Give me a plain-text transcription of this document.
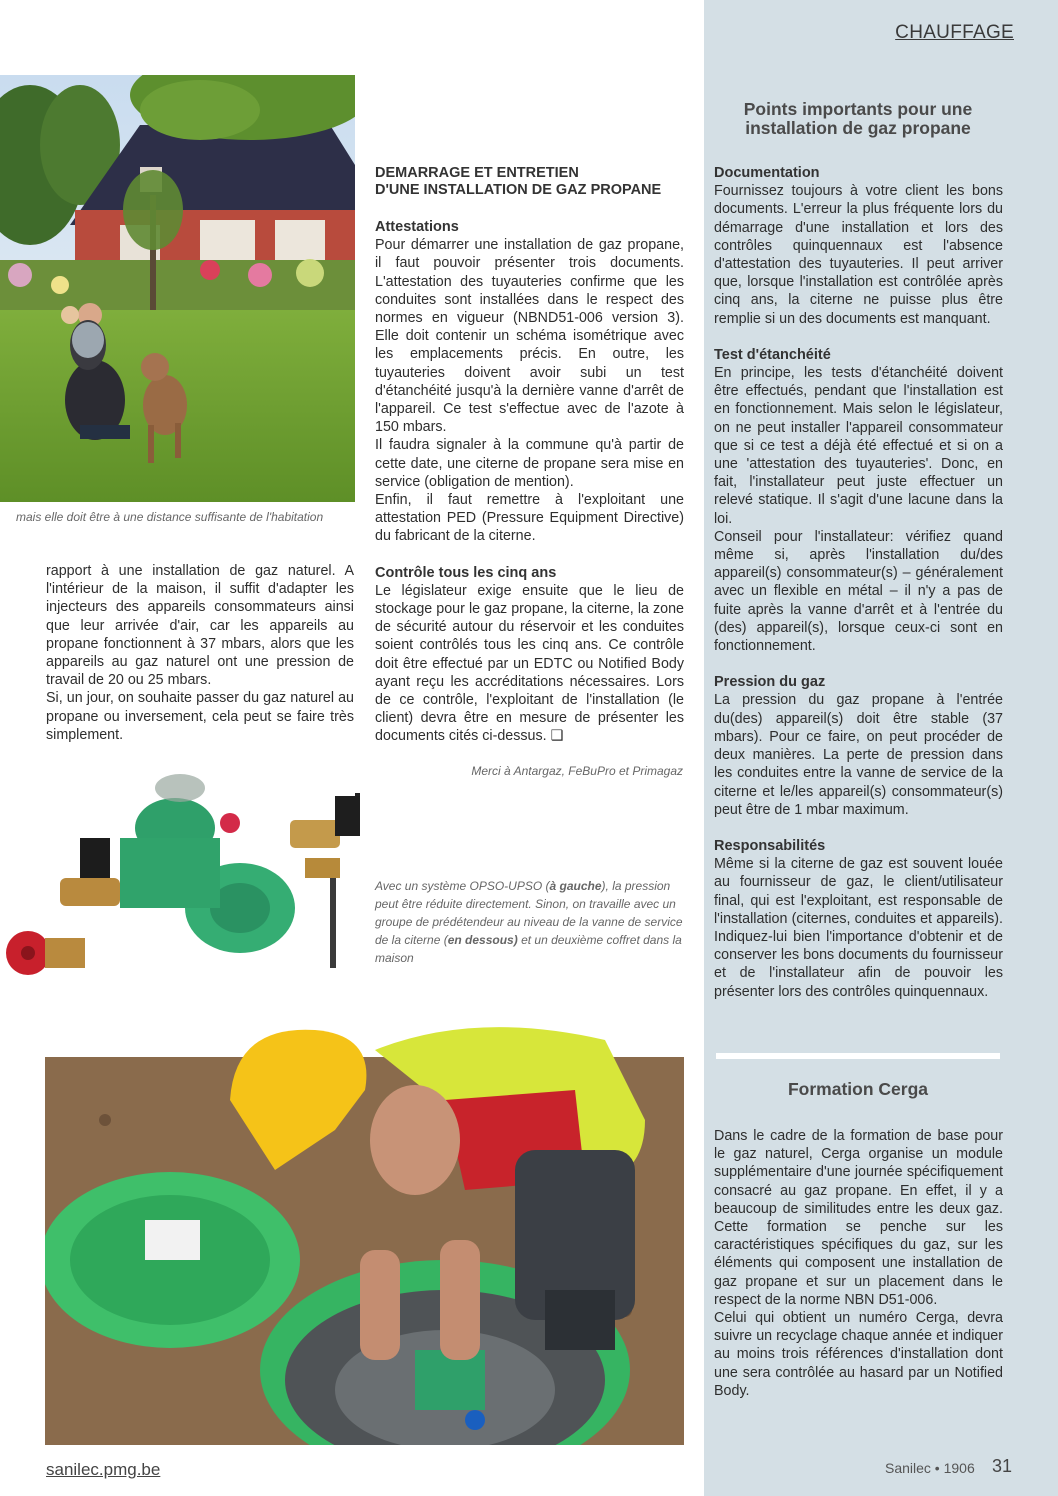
CHAUFFAGE
mais elle doit être à une distance suffisante de l'habitation

rapport à une installation de gaz naturel. A l'intérieur de la maison, il suffit d'adapter les injecteurs des appareils consommateurs ainsi que leur arrivée d'air, car les appareils au propane fonctionnent à 37 mbars, alors que les appareils au gaz naturel ont une pression de travail de 20 ou 25 mbars.

Si, un jour, on souhaite passer du gaz naturel au propane ou inversement, cela peut se faire très simplement.

DEMARRAGE ET ENTRETIEN
D'UNE INSTALLATION DE GAZ PROPANE
Attestations

Pour démarrer une installation de gaz propane, il faut pouvoir présenter trois documents. L'attestation des tuyauteries confirme que les conduites sont installées dans le respect des normes en vigueur (NBND51-006 version 3). Elle doit contenir un schéma isométrique avec les emplacements précis. En outre, les tuyauteries doivent avoir subi un test d'étanchéité jusqu'à la dernière vanne d'arrêt de l'appareil. Ce test s'effectue avec de l'azote à 150 mbars.

Il faudra signaler à la commune qu'à partir de cette date, une citerne de propane sera mise en service (obligation de mention).

Enfin, il faut remettre à l'exploitant une attestation PED (Pressure Equipment Directive) du fabricant de la citerne.

Contrôle tous les cinq ans

Le législateur exige ensuite que le lieu de stockage pour le gaz propane, la citerne, la zone de sécurité autour du réservoir et les conduites soient contrôlés tous les cinq ans. Ce contrôle doit être effectué par un EDTC ou Notified Body ayant reçu les accréditations nécessaires. Lors de ce contrôle, l'exploitant de l'installation (le client) devra être en mesure de présenter les documents cités ci-dessus. ❑

Merci à Antargaz, FeBuPro et Primagaz
Avec un système OPSO-UPSO (à gauche), la pression peut être réduite directement. Sinon, on travaille avec un groupe de prédétendeur au niveau de la vanne de service de la citerne (en dessous) et un deuxième coffret dans la maison
Points importants pour une
installation de gaz propane
Documentation

Fournissez toujours à votre client les bons documents. L'erreur la plus fréquente lors du démarrage d'une installation et lors des contrôles quinquennaux est l'absence d'attestation des tuyauteries. Il peut arriver que, lorsque l'installation est contrôlée après cinq ans, la citerne ne puisse plus être remplie si un des documents est manquant.

Test d'étanchéité

En principe, les tests d'étanchéité doivent être effectués, pendant que l'installation est en fonctionnement. Mais selon le législateur, on ne peut installer l'appareil consommateur que si ce test a déjà été effectué et si on a une 'attestation des tuyauteries'. Donc, en fait, l'installateur peut juste effectuer un relevé statique. Il s'agit d'une lacune dans la loi.

Conseil pour l'installateur: vérifiez quand même si, après l'installation du/des appareil(s) consommateur(s) – généralement avec un flexible en métal – il n'y a pas de fuite après la vanne d'arrêt et à l'entrée du (des) appareil(s), lorsque ceux-ci sont en fonctionnement.

Pression du gaz

La pression du gaz propane à l'entrée du(des) appareil(s) doit être stable (37 mbars). Pour ce faire, on peut procéder de deux manières. La perte de pression dans les conduites entre la vanne de service de la citerne et le/les appareil(s) consommateur(s) peut être de 1 mbar maximum.

Responsabilités

Même si la citerne de gaz est souvent louée au fournisseur de gaz, le client/utilisateur final, qui est l'exploitant, est responsable de l'installation (citernes, conduites et appareils). Indiquez-lui bien l'importance d'obtenir et de conserver les bons documents du fournisseur et de l'installateur afin de pouvoir les présenter lors des contrôles quinquennaux.

Formation Cerga

Dans le cadre de la formation de base pour le gaz naturel, Cerga organise un module supplémentaire d'une journée spécifiquement consacré au gaz propane. En effet, il y a beaucoup de similitudes entre les deux gaz. Cette formation se penche sur les caractéristiques spécifiques du gaz, sur les éléments qui composent une installation de gaz propane et sur un placement dans le respect de la norme NBN D51-006.

Celui qui obtient un numéro Cerga, devra suivre un recyclage chaque année et indiquer au moins trois références d'installation dont une sera contrôlée au hasard par un Notified Body.

sanilec.pmg.be	Sanilec • 1906 31
